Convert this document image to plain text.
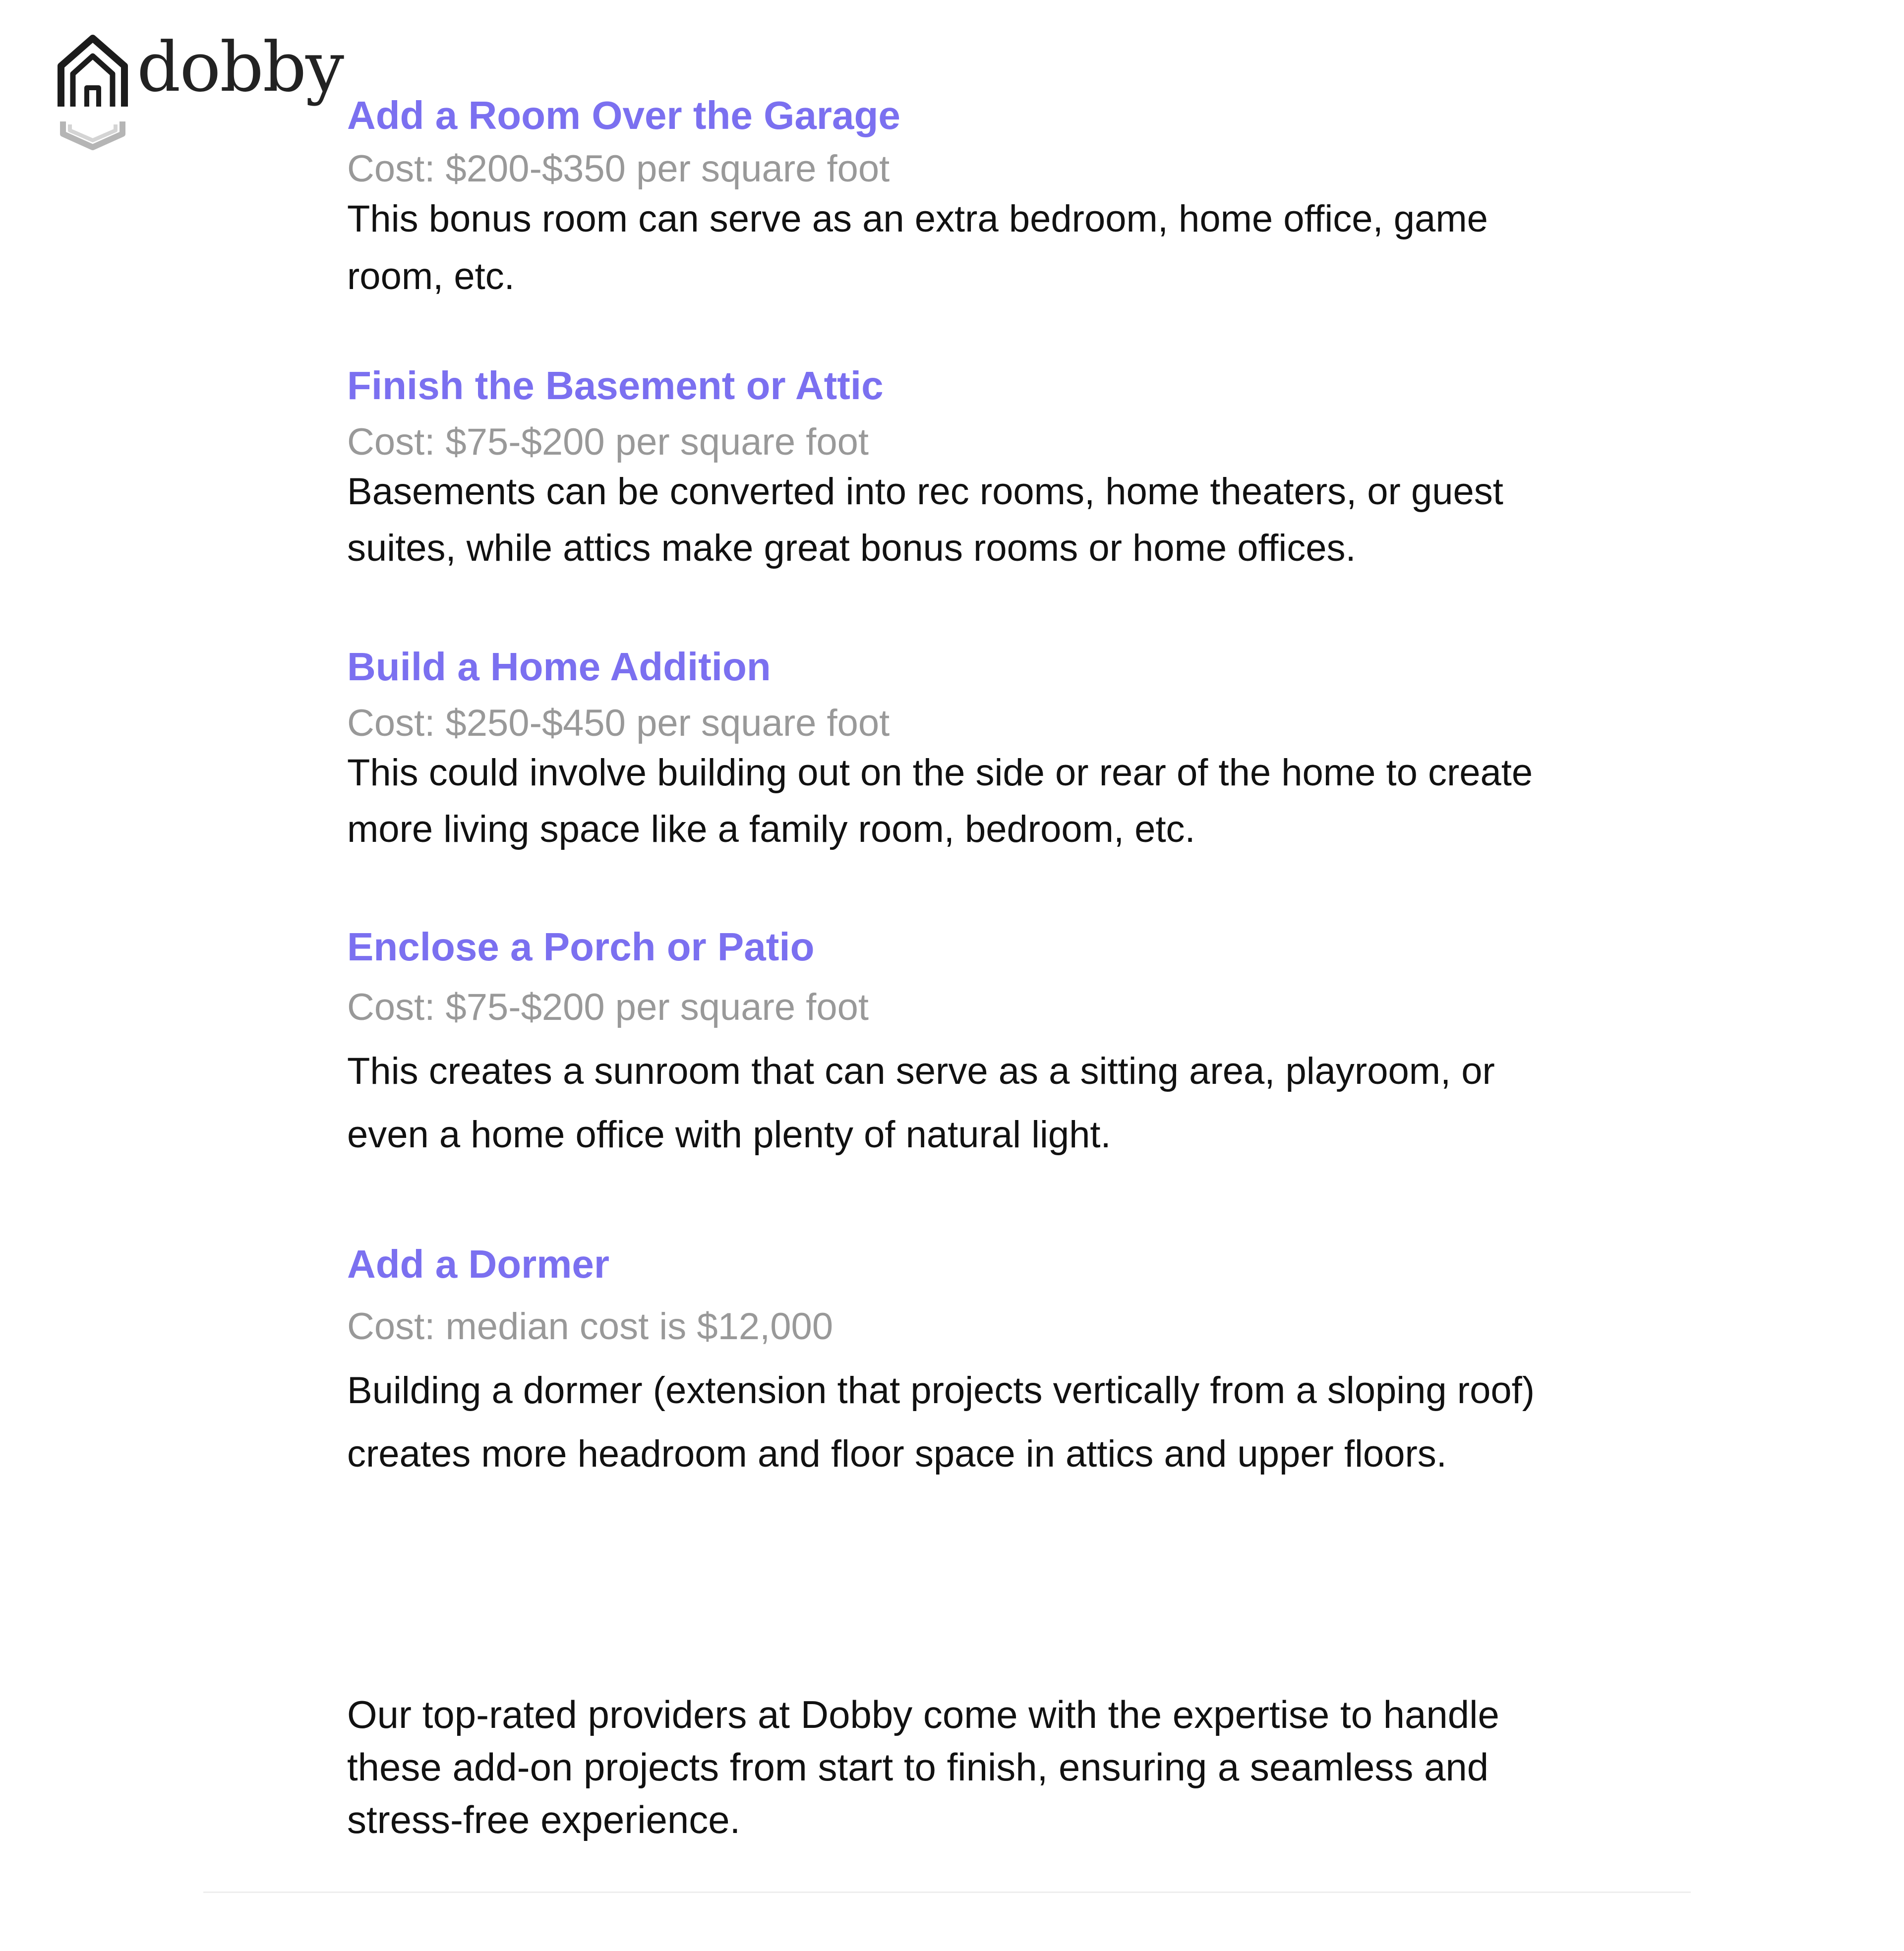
dobby
Add a Room Over the Garage

Cost: $200-$350 per square foot

This bonus room can serve as an extra bedroom, home office, game room, etc.

Finish the Basement or Attic

Cost: $75-$200 per square foot

Basements can be converted into rec rooms, home theaters, or guest suites, while attics make great bonus rooms or home offices.

Build a Home Addition

Cost: $250-$450 per square foot

This could involve building out on the side or rear of the home to create more living space like a family room, bedroom, etc.

Enclose a Porch or Patio

Cost: $75-$200 per square foot

This creates a sunroom that can serve as a sitting area, playroom, or even a home office with plenty of natural light.

Add a Dormer

Cost: median cost is $12,000

Building a dormer (extension that projects vertically from a sloping roof) creates more headroom and floor space in attics and upper floors.

Our top-rated providers at Dobby come with the expertise to handle these add-on projects from start to finish, ensuring a seamless and stress-free experience.
